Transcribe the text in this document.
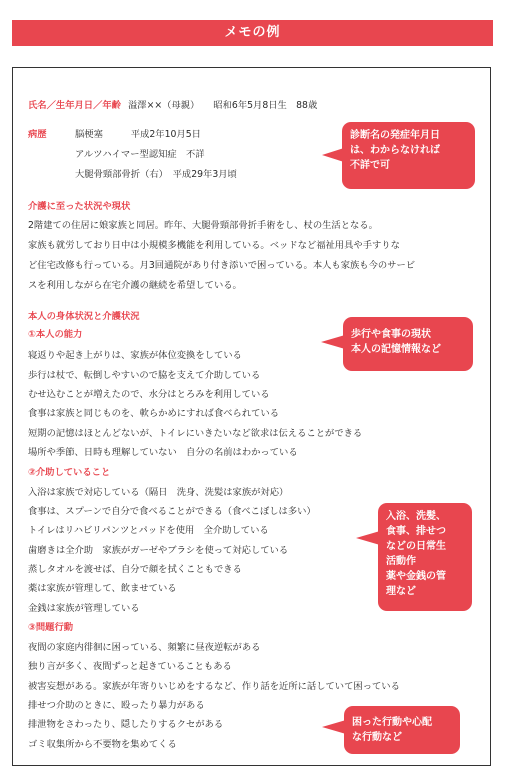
メモの例
氏名／生年月日／年齢 溢澤××（母親）　　昭和6年5月8日生　88歳
病歴	脳梗塞　　　平成2年10月5日
アルツハイマー型認知症　不詳
大腿骨頸部骨折（右）　平成29年3月頃
介護に至った状況や現状
2階建ての住居に娘家族と同居。昨年、大腿骨頸部骨折手術をし、杖の生活となる。
家族も就労しており日中は小規模多機能を利用している。ベッドなど福祉用具や手すりな
ど住宅改修も行っている。月3回通院があり付き添いで困っている。本人も家族も今のサービ
スを利用しながら在宅介護の継続を希望している。
本人の身体状況と介護状況
①本人の能力
寝返りや起き上がりは、家族が体位変換をしている
歩行は杖で、転倒しやすいので脇を支えて介助している
むせ込むことが増えたので、水分はとろみを利用している
食事は家族と同じものを、軟らかめにすれば食べられている
短期の記憶はほとんどないが、トイレにいきたいなど欲求は伝えることができる
場所や季節、日時も理解していない　自分の名前はわかっている
②介助していること
入浴は家族で対応している（隔日　洗身、洗髪は家族が対応）
食事は、スプーンで自分で食べることができる（食べこぼしは多い）
トイレはリハビリパンツとパッドを使用　全介助している
歯磨きは全介助　家族がガーゼやブラシを使って対応している
蒸しタオルを渡せば、自分で顔を拭くこともできる
薬は家族が管理して、飲ませている
金銭は家族が管理している
③問題行動
夜間の家庭内徘徊に困っている、頻繁に昼夜逆転がある
独り言が多く、夜間ずっと起きていることもある
被害妄想がある。家族が年寄りいじめをするなど、作り話を近所に話していて困っている
排せつ介助のときに、殴ったり暴力がある
排泄物をさわったり、隠したりするクセがある
ゴミ収集所から不要物を集めてくる
診断名の発症年月日
は、わからなければ
不詳で可
歩行や食事の現状
本人の記憶情報など
入浴、洗髪、
食事、排せつ
などの日常生
活動作
薬や金銭の管
理など
困った行動や心配
な行動など
